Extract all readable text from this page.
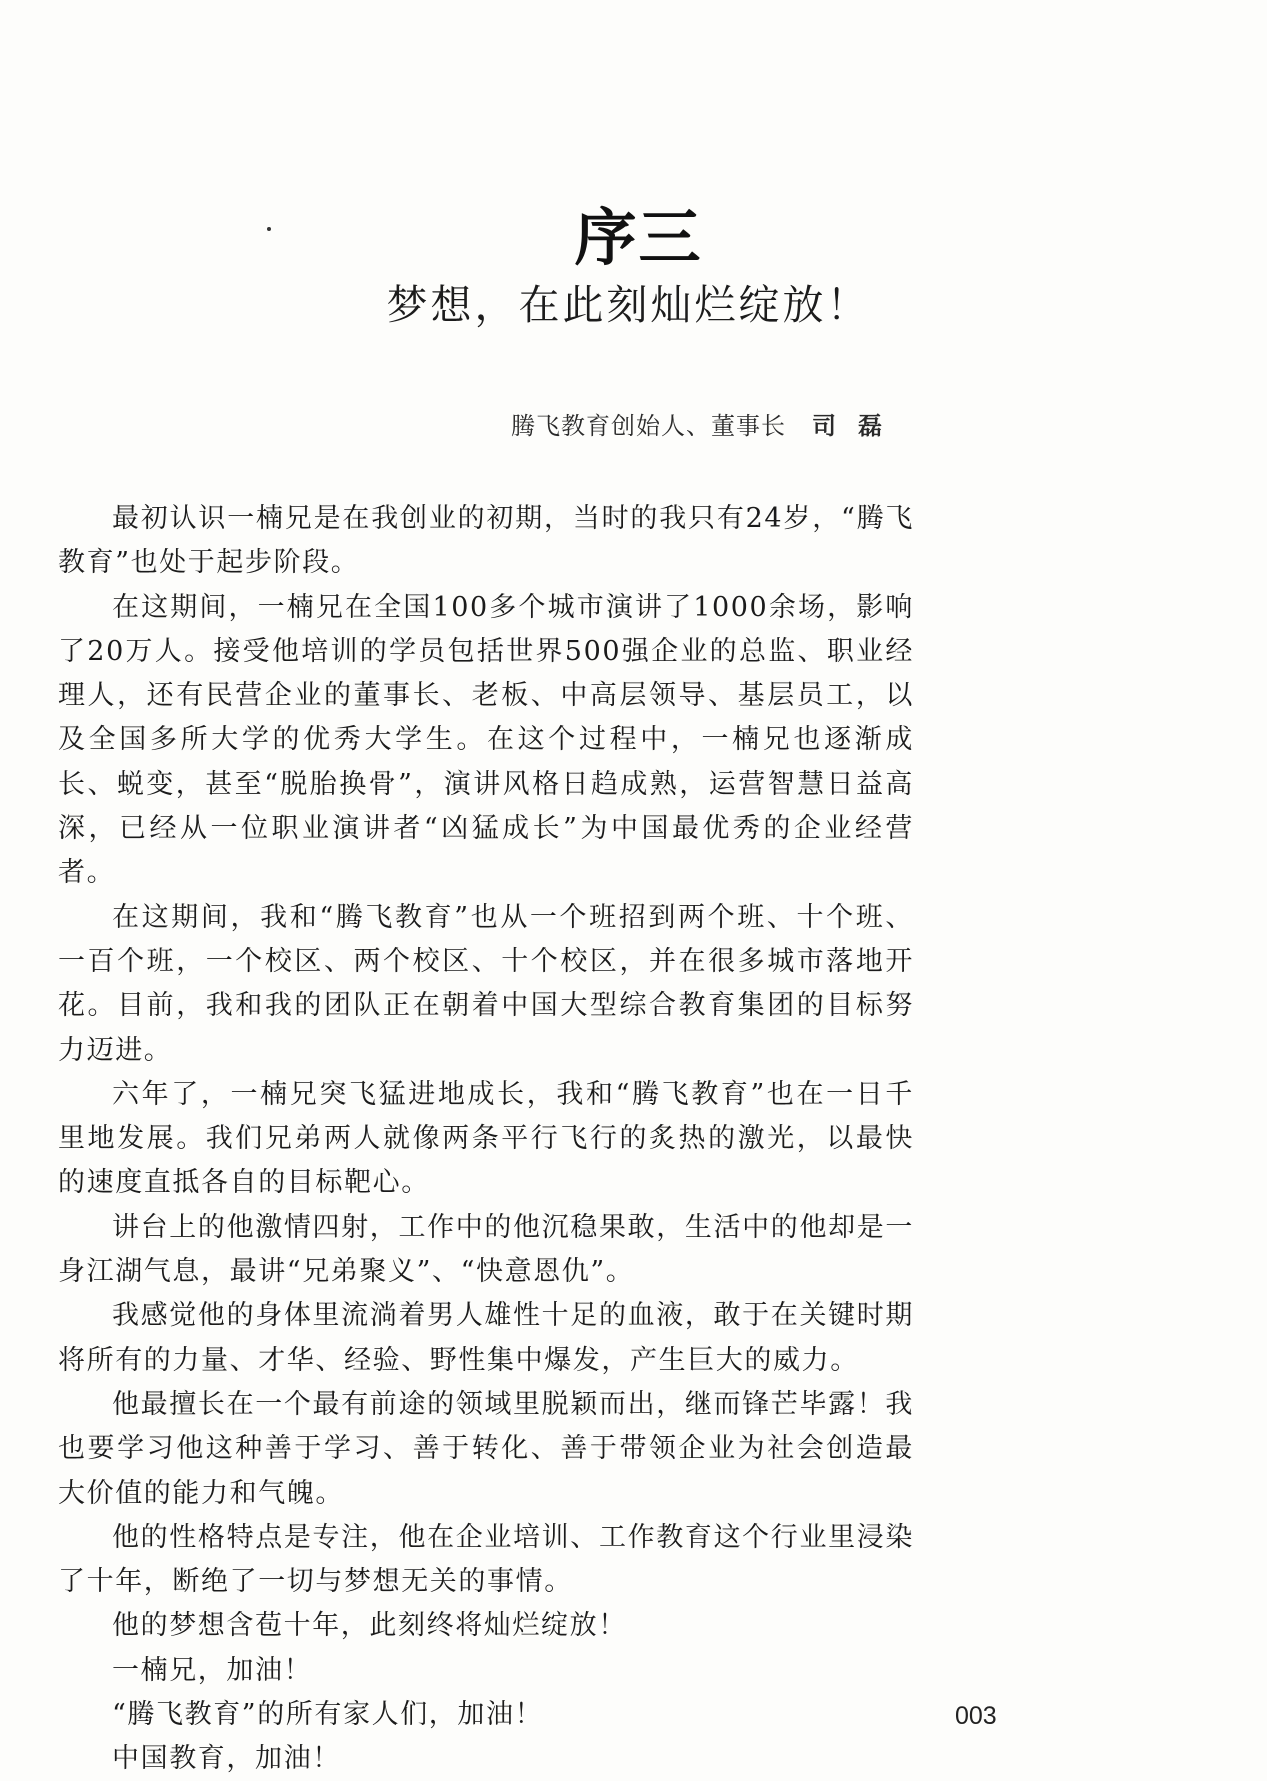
序三
梦想，在此刻灿烂绽放！
腾飞教育创始人、董事长 司磊

最初认识一楠兄是在我创业的初期，当时的我只有24岁，“腾飞教育”也处于起步阶段。

在这期间，一楠兄在全国100多个城市演讲了1000余场，影响了20万人。接受他培训的学员包括世界500强企业的总监、职业经理人，还有民营企业的董事长、老板、中高层领导、基层员工，以及全国多所大学的优秀大学生。在这个过程中，一楠兄也逐渐成长、蜕变，甚至“脱胎换骨”，演讲风格日趋成熟，运营智慧日益高深，已经从一位职业演讲者“凶猛成长”为中国最优秀的企业经营者。

在这期间，我和“腾飞教育”也从一个班招到两个班、十个班、一百个班，一个校区、两个校区、十个校区，并在很多城市落地开花。目前，我和我的团队正在朝着中国大型综合教育集团的目标努力迈进。

六年了，一楠兄突飞猛进地成长，我和“腾飞教育”也在一日千里地发展。我们兄弟两人就像两条平行飞行的炙热的激光，以最快的速度直抵各自的目标靶心。

讲台上的他激情四射，工作中的他沉稳果敢，生活中的他却是一身江湖气息，最讲“兄弟聚义”、“快意恩仇”。

我感觉他的身体里流淌着男人雄性十足的血液，敢于在关键时期将所有的力量、才华、经验、野性集中爆发，产生巨大的威力。

他最擅长在一个最有前途的领域里脱颖而出，继而锋芒毕露！我也要学习他这种善于学习、善于转化、善于带领企业为社会创造最大价值的能力和气魄。

他的性格特点是专注，他在企业培训、工作教育这个行业里浸染了十年，断绝了一切与梦想无关的事情。

他的梦想含苞十年，此刻终将灿烂绽放！

一楠兄，加油！

“腾飞教育”的所有家人们，加油！

中国教育，加油！

003
